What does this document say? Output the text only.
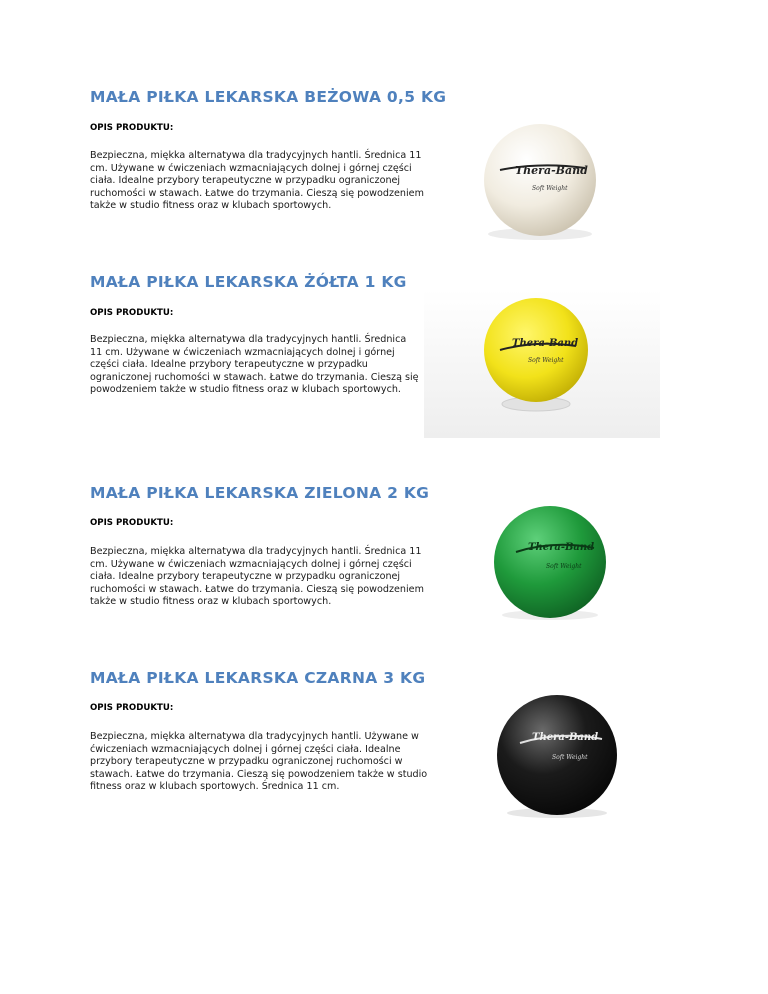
MAŁA PIŁKA LEKARSKA BEŻOWA 0,5 KG

OPIS PRODUKTU:

Bezpieczna, miękka alternatywa dla tradycyjnych hantli. Średnica 11 cm. Używane w ćwiczeniach wzmacniających dolnej i górnej części ciała. Idealne przybory terapeutyczne w przypadku ograniczonej ruchomości w stawach. Łatwe do trzymania. Cieszą się powodzeniem także w studio fitness oraz w klubach sportowych.

Thera-Band
Soft Weight
MAŁA PIŁKA LEKARSKA ŻÓŁTA 1 KG

OPIS PRODUKTU:

Bezpieczna, miękka alternatywa dla tradycyjnych hantli. Średnica 11 cm. Używane w ćwiczeniach wzmacniających dolnej i górnej części ciała. Idealne przybory terapeutyczne w przypadku ograniczonej ruchomości w stawach. Łatwe do trzymania. Cieszą się powodzeniem także w studio fitness oraz w klubach sportowych.

Thera-Band
Soft Weight
MAŁA PIŁKA LEKARSKA ZIELONA 2 KG

OPIS PRODUKTU:

Bezpieczna, miękka alternatywa dla tradycyjnych hantli. Średnica 11 cm. Używane w ćwiczeniach wzmacniających dolnej i górnej części ciała. Idealne przybory terapeutyczne w przypadku ograniczonej ruchomości w stawach. Łatwe do trzymania. Cieszą się powodzeniem także w studio fitness oraz w klubach sportowych.

Thera-Band
Soft Weight
MAŁA PIŁKA LEKARSKA CZARNA 3 KG

OPIS PRODUKTU:

Bezpieczna, miękka alternatywa dla tradycyjnych hantli. Używane w ćwiczeniach wzmacniających dolnej i górnej części ciała. Idealne przybory terapeutyczne w przypadku ograniczonej ruchomości w stawach. Łatwe do trzymania. Cieszą się powodzeniem także w studio fitness oraz w klubach sportowych. Średnica 11 cm.

Thera-Band
Soft Weight
